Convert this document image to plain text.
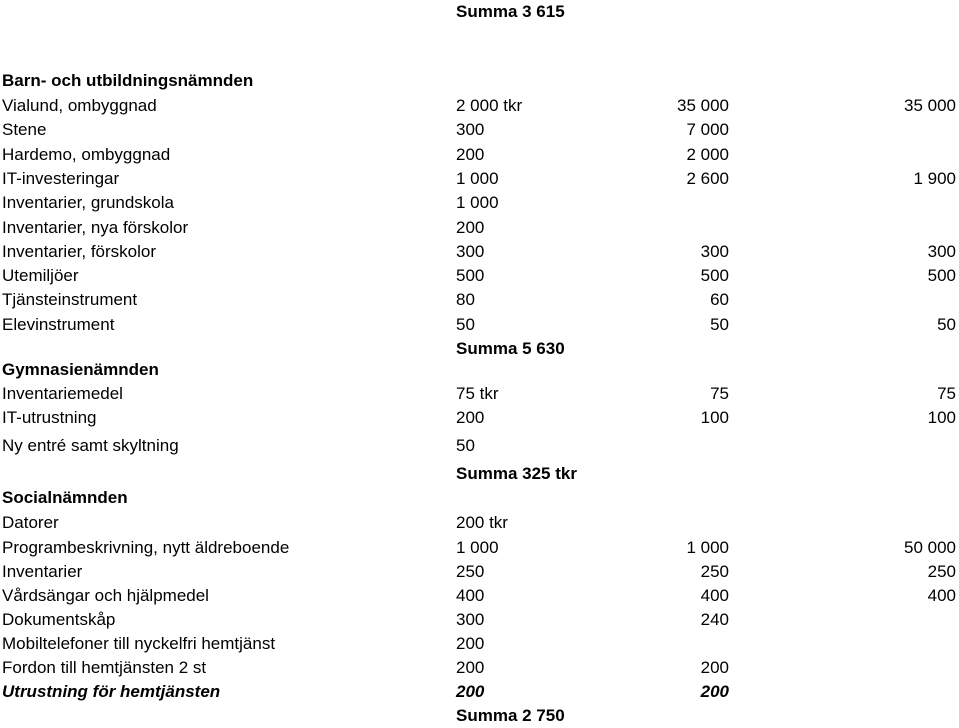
Summa 3 615
Barn- och utbildningsnämnden
Vialund, ombyggnad	2 000 tkr	35 000	35 000
Stene	300	7 000
Hardemo, ombyggnad	200	2 000
IT-investeringar	1 000	2 600	1 900
Inventarier, grundskola	1 000
Inventarier, nya förskolor	200
Inventarier, förskolor	300	300	300
Utemiljöer	500	500	500
Tjänsteinstrument	80	60
Elevinstrument	50	50	50
Summa 5 630
Gymnasienämnden
Inventariemedel	75 tkr	75	75
IT-utrustning	200	100	100
Ny entré samt skyltning	50
Summa 325 tkr
Socialnämnden
Datorer	200 tkr
Programbeskrivning, nytt äldreboende	1 000	1 000	50 000
Inventarier	250	250	250
Vårdsängar och hjälpmedel	400	400	400
Dokumentskåp	300	240
Mobiltelefoner till nyckelfri hemtjänst	200
Fordon till hemtjänsten 2 st	200	200
Utrustning för hemtjänsten	200	200
Summa 2 750
